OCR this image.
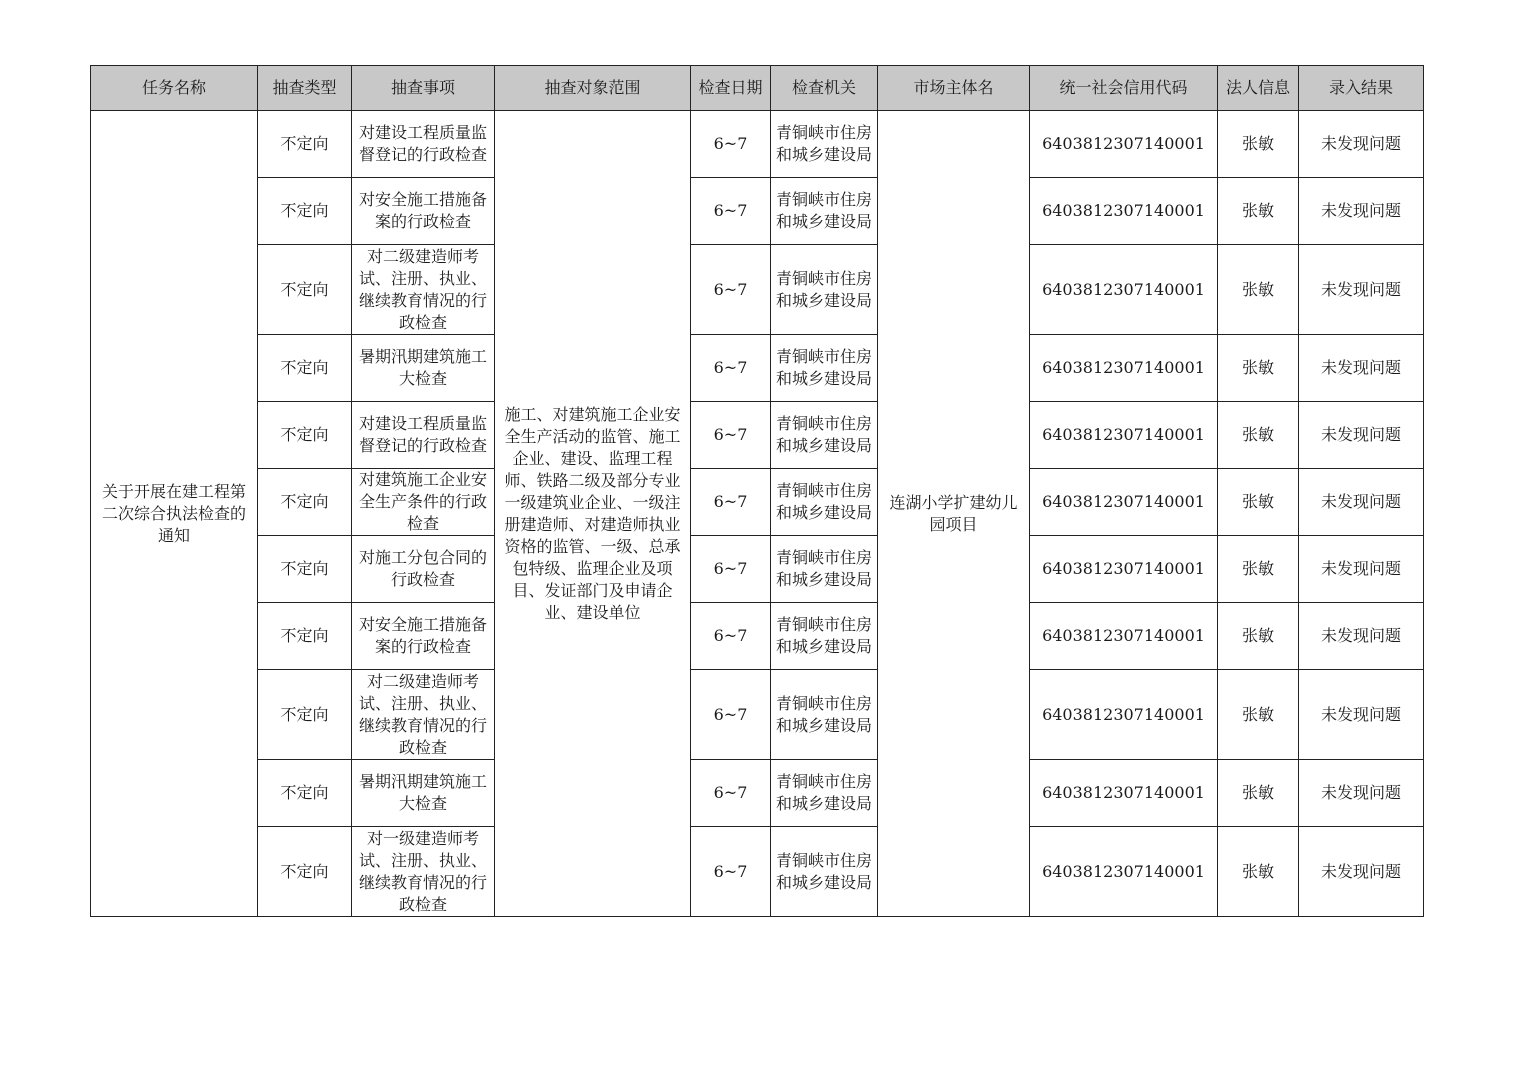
任务名称	抽查类型	抽查事项	抽查对象范围	检查日期	检查机关	市场主体名	统一社会信用代码	法人信息	录入结果
关于开展在建工程第二次综合执法检查的通知	不定向	对建设工程质量监督登记的行政检查	施工、对建筑施工企业安全生产活动的监管、施工企业、建设、监理工程师、铁路二级及部分专业一级建筑业企业、一级注册建造师、对建造师执业资格的监管、一级、总承包特级、监理企业及项目、发证部门及申请企业、建设单位	6~7	青铜峡市住房和城乡建设局	连湖小学扩建幼儿园项目	6403812307140001	张敏	未发现问题
	不定向	对安全施工措施备案的行政检查		6~7	青铜峡市住房和城乡建设局		6403812307140001	张敏	未发现问题
	不定向	对二级建造师考试、注册、执业、继续教育情况的行政检查		6~7	青铜峡市住房和城乡建设局		6403812307140001	张敏	未发现问题
	不定向	暑期汛期建筑施工大检查		6~7	青铜峡市住房和城乡建设局		6403812307140001	张敏	未发现问题
	不定向	对建设工程质量监督登记的行政检查		6~7	青铜峡市住房和城乡建设局		6403812307140001	张敏	未发现问题
	不定向	对建筑施工企业安全生产条件的行政检查		6~7	青铜峡市住房和城乡建设局		6403812307140001	张敏	未发现问题
	不定向	对施工分包合同的行政检查		6~7	青铜峡市住房和城乡建设局		6403812307140001	张敏	未发现问题
	不定向	对安全施工措施备案的行政检查		6~7	青铜峡市住房和城乡建设局		6403812307140001	张敏	未发现问题
	不定向	对二级建造师考试、注册、执业、继续教育情况的行政检查		6~7	青铜峡市住房和城乡建设局		6403812307140001	张敏	未发现问题
	不定向	暑期汛期建筑施工大检查		6~7	青铜峡市住房和城乡建设局		6403812307140001	张敏	未发现问题
	不定向	对一级建造师考试、注册、执业、继续教育情况的行政检查		6~7	青铜峡市住房和城乡建设局		6403812307140001	张敏	未发现问题
